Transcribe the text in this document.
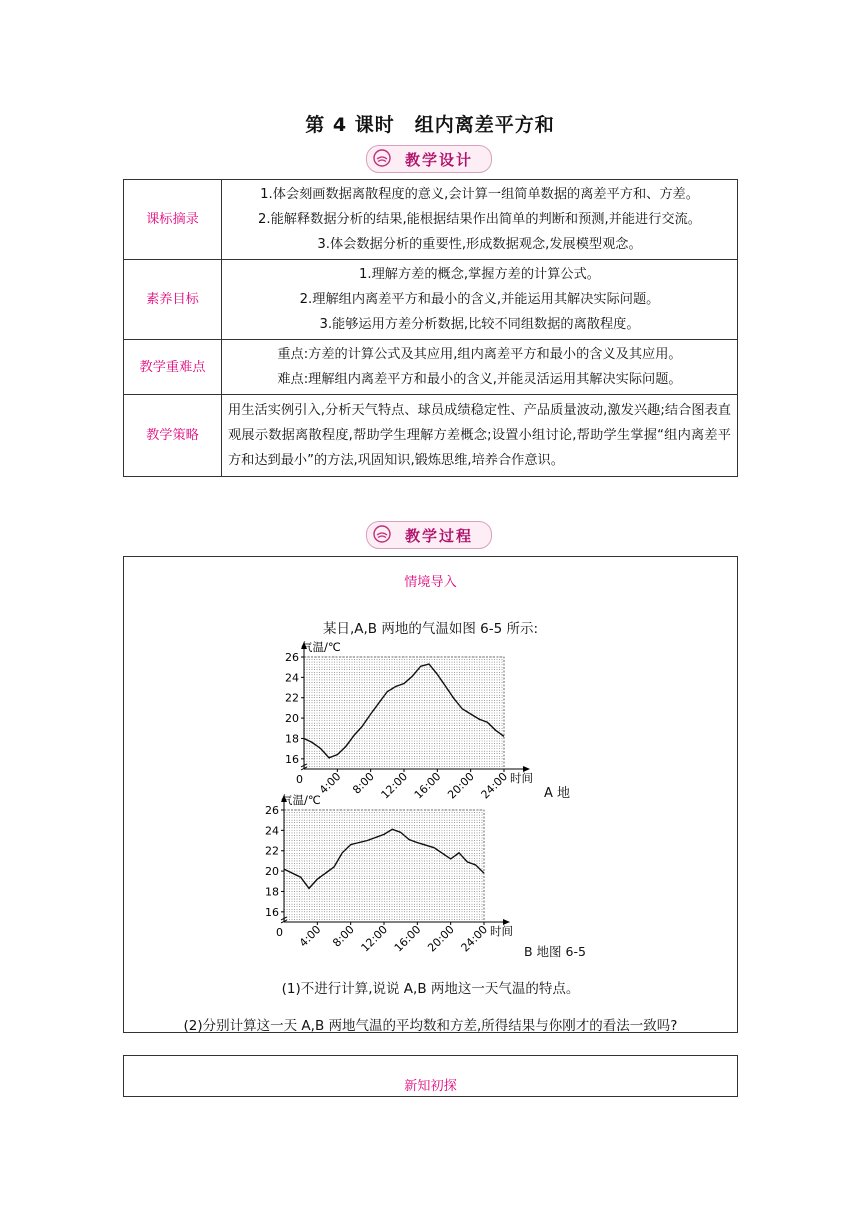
第 4 课时　组内离差平方和
教学设计
课标摘录	1.体会刻画数据离散程度的意义,会计算一组简单数据的离差平方和、方差。
2.能解释数据分析的结果,能根据结果作出简单的判断和预测,并能进行交流。
3.体会数据分析的重要性,形成数据观念,发展模型观念。

素养目标	1.理解方差的概念,掌握方差的计算公式。
2.理解组内离差平方和最小的含义,并能运用其解决实际问题。
3.能够运用方差分析数据,比较不同组数据的离散程度。

教学重难点	重点:方差的计算公式及其应用,组内离差平方和最小的含义及其应用。
难点:理解组内离差平方和最小的含义,并能灵活运用其解决实际问题。

教学策略	用生活实例引入,分析天气特点、球员成绩稳定性、产品质量波动,激发兴趣;结合图表直观展示数据离散程度,帮助学生理解方差概念;设置小组讨论,帮助学生掌握“组内离差平方和达到最小”的方法,巩固知识,锻炼思维,培养合作意识。
教学过程
情境导入
某日,A,B 两地的气温如图 6-5 所示:
16
18
20
22
24
26
气温/℃
0 4:00 8:00 12:00 16:00 20:00 24:00 时间
A 地
16
18
20
22
24
26
气温/℃
0 4:00 8:00 12:00 16:00 20:00 24:00 时间
B 地图 6-5
(1)不进行计算,说说 A,B 两地这一天气温的特点。
(2)分别计算这一天 A,B 两地气温的平均数和方差,所得结果与你刚才的看法一致吗?
新知初探
